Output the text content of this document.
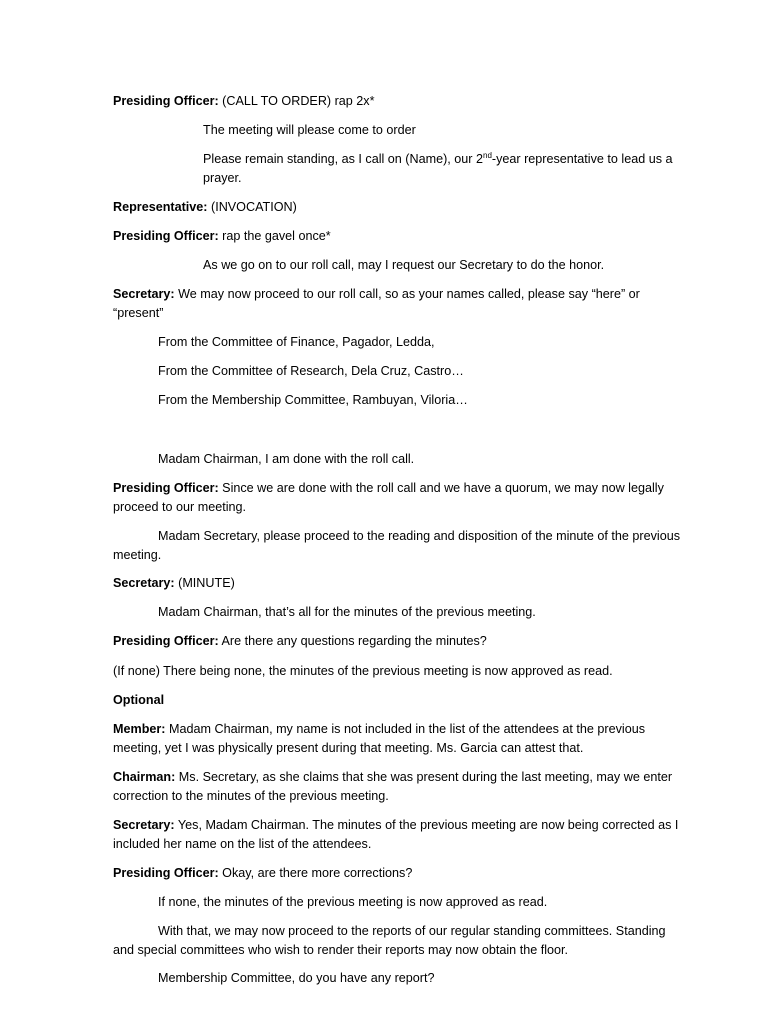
Presiding Officer: (CALL TO ORDER) rap 2x*
The meeting will please come to order
Please remain standing, as I call on (Name), our 2nd-year representative to lead us a prayer.
Representative: (INVOCATION)
Presiding Officer: rap the gavel once*
As we go on to our roll call, may I request our Secretary to do the honor.
Secretary: We may now proceed to our roll call, so as your names called, please say “here” or “present”
From the Committee of Finance, Pagador, Ledda,
From the Committee of Research, Dela Cruz, Castro…
From the Membership Committee, Rambuyan, Viloria…
Madam Chairman, I am done with the roll call.
Presiding Officer: Since we are done with the roll call and we have a quorum, we may now legally proceed to our meeting.
Madam Secretary, please proceed to the reading and disposition of the minute of the previous meeting.
Secretary: (MINUTE)
Madam Chairman, that’s all for the minutes of the previous meeting.
Presiding Officer: Are there any questions regarding the minutes?
(If none) There being none, the minutes of the previous meeting is now approved as read.
Optional
Member: Madam Chairman, my name is not included in the list of the attendees at the previous meeting, yet I was physically present during that meeting. Ms. Garcia can attest that.
Chairman: Ms. Secretary, as she claims that she was present during the last meeting, may we enter correction to the minutes of the previous meeting.
Secretary: Yes, Madam Chairman. The minutes of the previous meeting are now being corrected as I included her name on the list of the attendees.
Presiding Officer: Okay, are there more corrections?
If none, the minutes of the previous meeting is now approved as read.
With that, we may now proceed to the reports of our regular standing committees. Standing and special committees who wish to render their reports may now obtain the floor.
Membership Committee, do you have any report?
